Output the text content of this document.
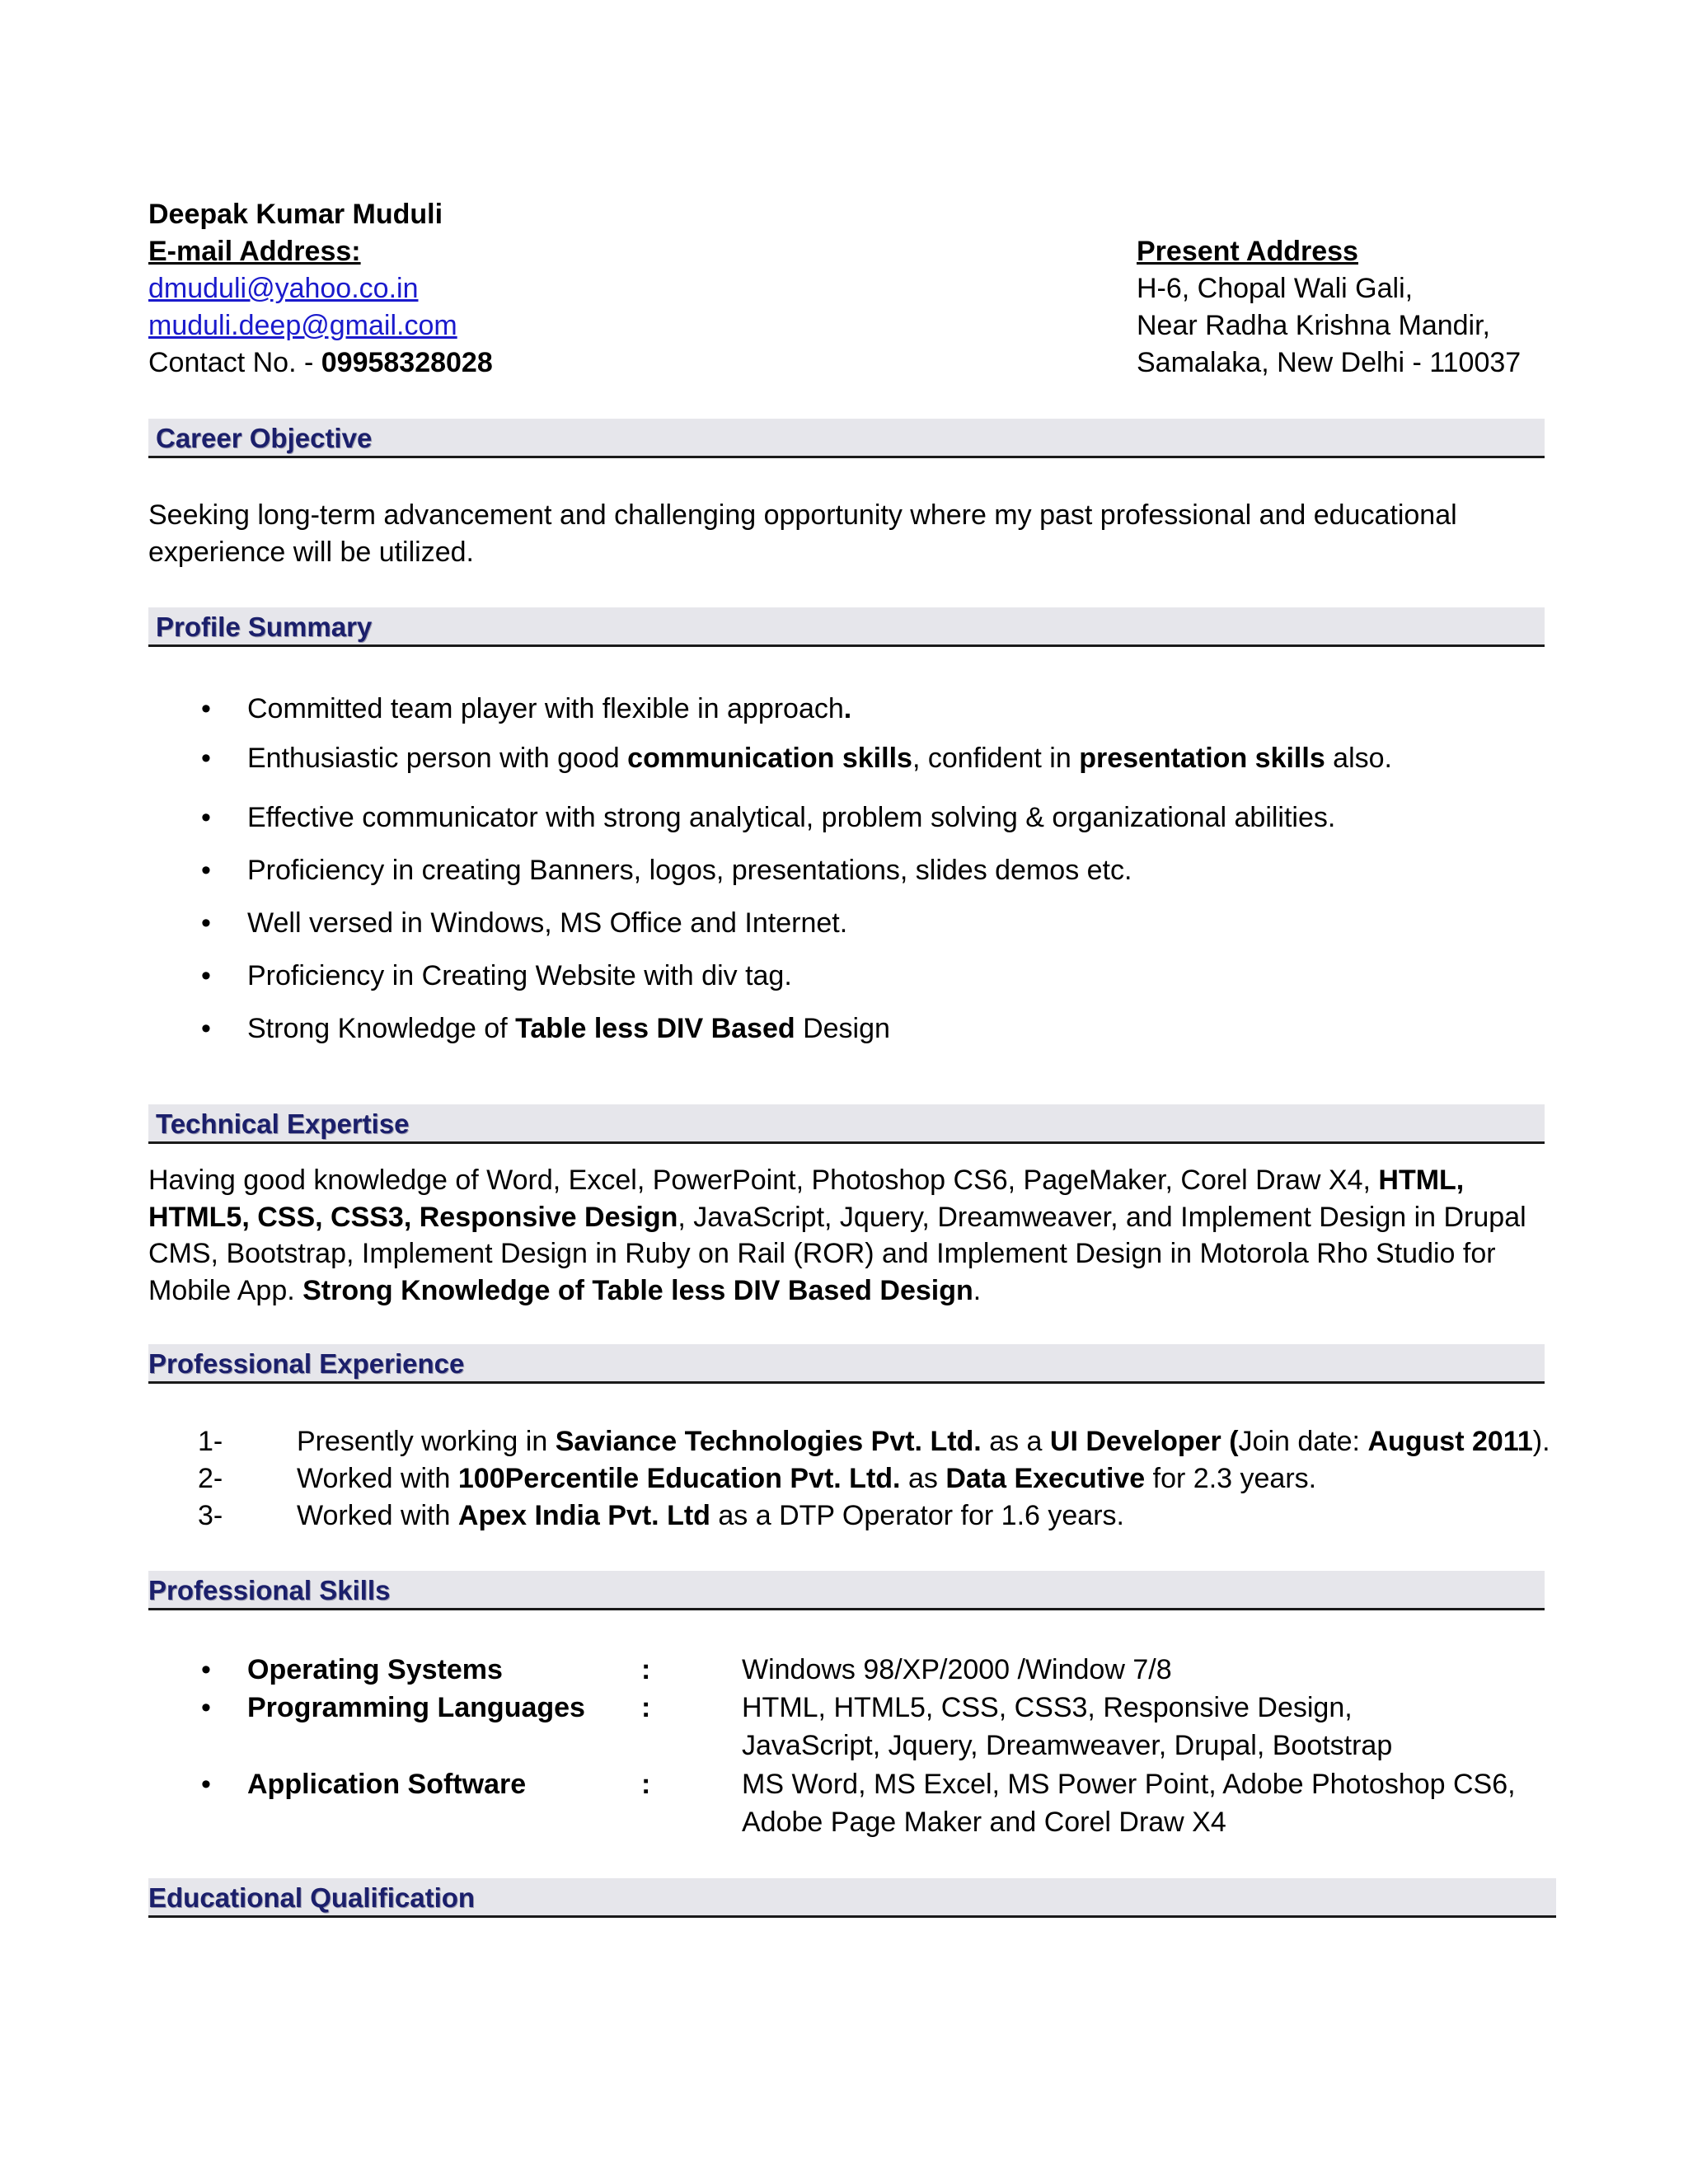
Deepak Kumar Muduli
E-mail Address:
dmuduli@yahoo.co.in
muduli.deep@gmail.com
Contact No. - 09958328028
Present Address
H-6, Chopal Wali Gali,
Near Radha Krishna Mandir,
Samalaka, New Delhi - 110037
Career Objective
Seeking long-term advancement and challenging opportunity where my past professional and educational experience will be utilized.
Profile Summary
• Committed team player with flexible in approach.
• Enthusiastic person with good communication skills, confident in presentation skills also.
• Effective communicator with strong analytical, problem solving & organizational abilities.
• Proficiency in creating Banners, logos, presentations, slides demos etc.
• Well versed in Windows, MS Office and Internet.
• Proficiency in Creating Website with div tag.
• Strong Knowledge of Table less DIV Based Design
Technical Expertise
Having good knowledge of Word, Excel, PowerPoint, Photoshop CS6, PageMaker, Corel Draw X4, HTML, HTML5, CSS, CSS3, Responsive Design, JavaScript, Jquery, Dreamweaver, and Implement Design in Drupal CMS, Bootstrap, Implement Design in Ruby on Rail (ROR) and Implement Design in Motorola Rho Studio for Mobile App. Strong Knowledge of Table less DIV Based Design.
Professional Experience
1-	Presently working in Saviance Technologies Pvt. Ltd. as a UI Developer (Join date: August 2011).
2-	Worked with 100Percentile Education Pvt. Ltd. as Data Executive for 2.3 years.
3-	Worked with Apex India Pvt. Ltd as a DTP Operator for 1.6 years.
Professional Skills
• Operating Systems	:	Windows 98/XP/2000 /Window 7/8
• Programming Languages :	HTML, HTML5, CSS, CSS3, Responsive Design,
JavaScript, Jquery, Dreamweaver, Drupal, Bootstrap
• Application Software	:	MS Word, MS Excel, MS Power Point, Adobe Photoshop CS6,
Adobe Page Maker and Corel Draw X4
Educational Qualification
